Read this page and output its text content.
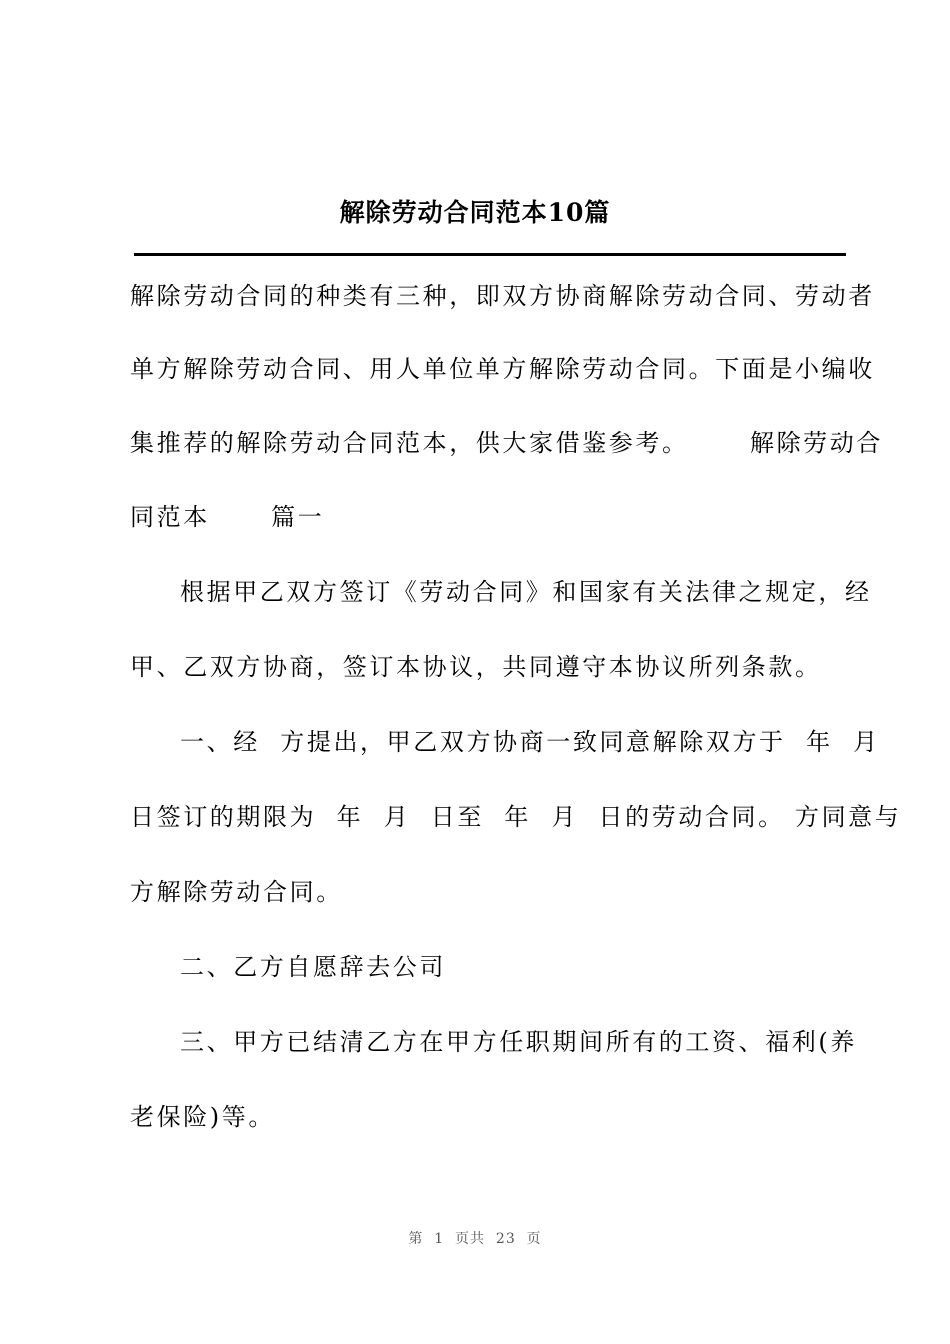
解除劳动合同范本10篇
解除劳动合同的种类有三种，即双方协商解除劳动合同、劳动者
单方解除劳动合同、用人单位单方解除劳动合同。下面是小编收
集推荐的解除劳动合同范本，供大家借鉴参考。      解除劳动合
同范本      篇一
根据甲乙双方签订《劳动合同》和国家有关法律之规定，经
甲、乙双方协商，签订本协议，共同遵守本协议所列条款。
一、经  方提出，甲乙双方协商一致同意解除双方于  年  月
日签订的期限为  年  月  日至  年  月  日的劳动合同。 方同意与
方解除劳动合同。
二、乙方自愿辞去公司
三、甲方已结清乙方在甲方任职期间所有的工资、福利(养
老保险)等。
第  1  页共  23  页
